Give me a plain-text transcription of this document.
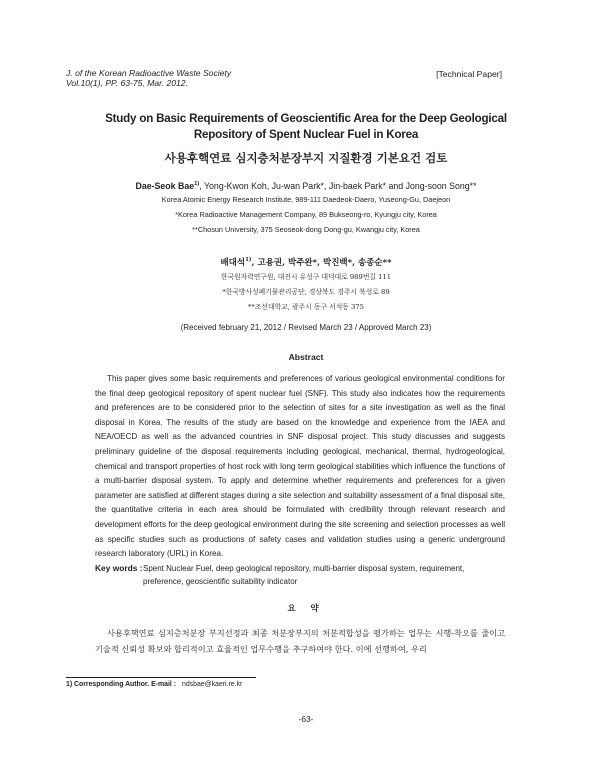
J. of the Korean Radioactive Waste Society
Vol.10(1), PP. 63-75, Mar. 2012.
[Technical Paper]
Study on Basic Requirements of Geoscientific Area for the Deep Geological
Repository of Spent Nuclear Fuel in Korea
사용후핵연료 심지층처분장부지 지질환경 기본요건 검토
Dae-Seok Bae$^{1)}$, Yong-Kwon Koh, Ju-wan Park*, Jin-baek Park* and Jong-soon Song**
Korea Atomic Energy Research Institute, 989-111 Daedeok-Daero, Yuseong-Gu, Daejeon
*Korea Radioactive Management Company, 89 Bukseong-ro, Kyungju city, Korea
**Chosun University, 375 Seoseok-dong Dong-gu, Kwangju city, Korea
배대석$^{1)}$, 고용권, 박주완*, 박진백*, 송종순**
한국원자력연구원, 대전시 유성구 대덕대로 989번길 111
*한국방사성폐기물관리공단, 경상북도 경주시 북성로 89
**조선대학교, 광주시 동구 서석동 375
(Received february 21, 2012 / Revised March 23 / Approved March 23)
Abstract
This paper gives some basic requirements and preferences of various geological environmental conditions for the final deep geological repository of spent nuclear fuel (SNF). This study also indicates how the requirements and preferences are to be considered prior to the selection of sites for a site investigation as well as the final disposal in Korea. The results of the study are based on the knowledge and experience from the IAEA and NEA/OECD as well as the advanced countries in SNF disposal project. This study discusses and suggests preliminary guideline of the disposal requirements including geological, mechanical, thermal, hydrogeological, chemical and transport properties of host rock with long term geological stabilities which influence the functions of a multi-barrier disposal system. To apply and determine whether requirements and preferences for a given parameter are satisfied at different stages during a site selection and suitability assessment of a final disposal site, the quantitative criteria in each area should be formulated with credibility through relevant research and development efforts for the deep geological environment during the site screening and selection processes as well as specific studies such as productions of safety cases and validation studies using a generic underground research laboratory (URL) in Korea.
Key words : Spent Nuclear Fuel, deep geological repository, multi-barrier disposal system, requirement, preference, geoscientific suitability indicator
요 약
사용후핵연료 심지층처분장 부지선정과 최종 처분장부지의 처분적합성을 평가하는 업무는 시행-착오를 줄이고 기술적 신뢰성 확보와 합리적이고 효율적인 업무수행을 추구하여야 한다. 이에 선행하여, 우리
1) Corresponding Author. E-mail : ndsbae@kaeri.re.kr
-63-
